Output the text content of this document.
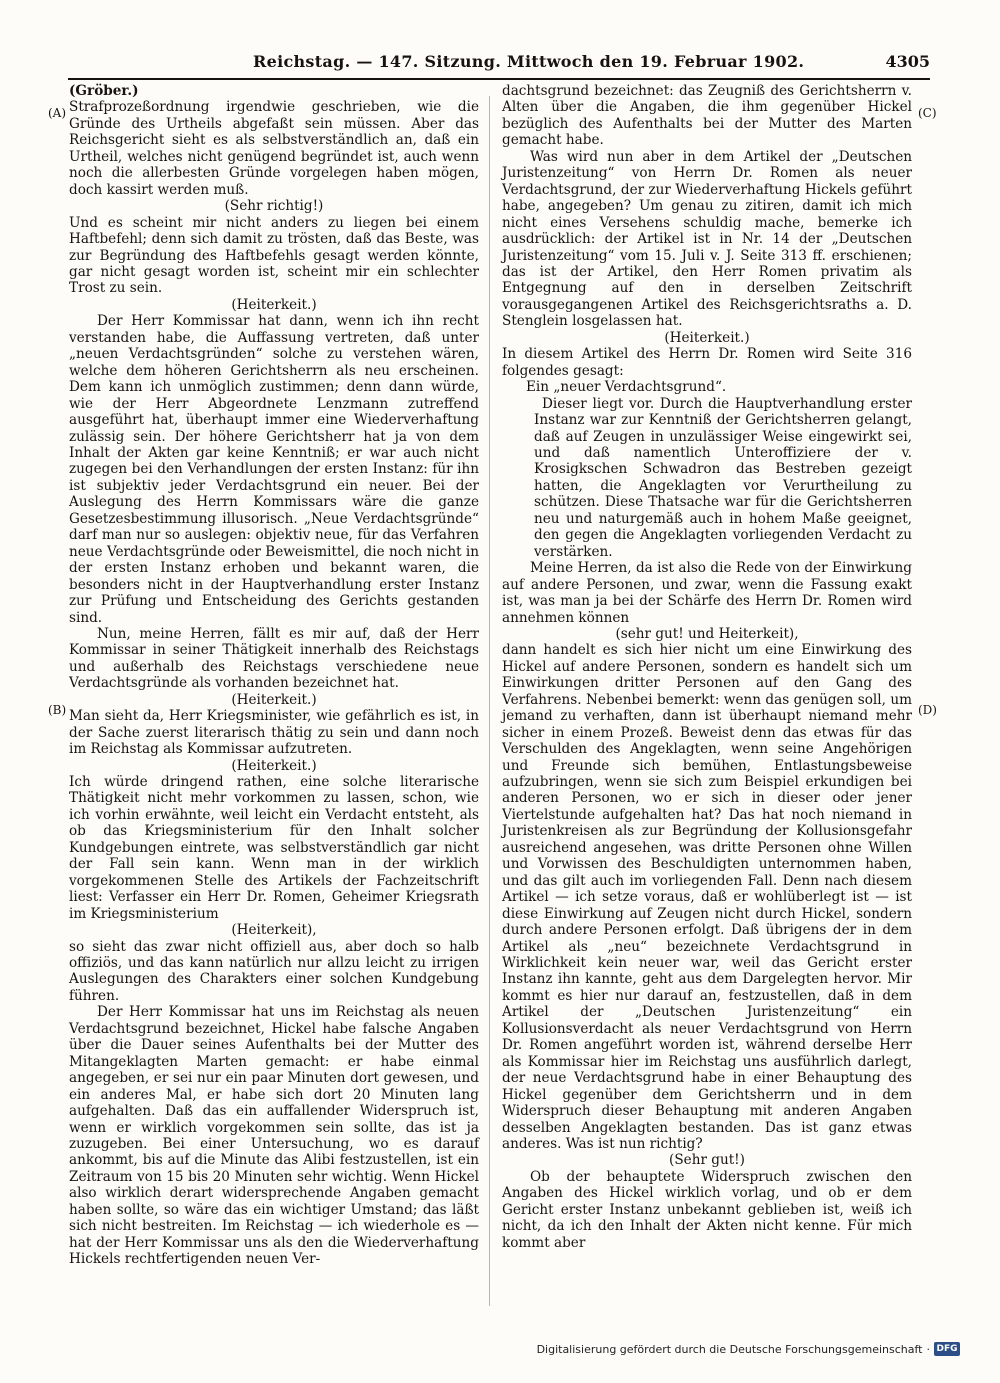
Reichstag. — 147. Sitzung. Mittwoch den 19. Februar 1902.	4305
(A)
(B)
(C)
(D)

(Gröber.)

Strafprozeßordnung irgendwie geschrieben, wie die Gründe des Urtheils abgefaßt sein müssen. Aber das Reichsgericht sieht es als selbstverständlich an, daß ein Urtheil, welches nicht genügend begründet ist, auch wenn noch die allerbesten Gründe vorgelegen haben mögen, doch kassirt werden muß.

(Sehr richtig!)

Und es scheint mir nicht anders zu liegen bei einem Haftbefehl; denn sich damit zu trösten, daß das Beste, was zur Begründung des Haftbefehls gesagt werden könnte, gar nicht gesagt worden ist, scheint mir ein schlechter Trost zu sein.

(Heiterkeit.)

Der Herr Kommissar hat dann, wenn ich ihn recht verstanden habe, die Auffassung vertreten, daß unter „neuen Verdachtsgründen“ solche zu verstehen wären, welche dem höheren Gerichtsherrn als neu erscheinen. Dem kann ich unmöglich zustimmen; denn dann würde, wie der Herr Abgeordnete Lenzmann zutreffend ausgeführt hat, überhaupt immer eine Wiederverhaftung zulässig sein. Der höhere Gerichtsherr hat ja von dem Inhalt der Akten gar keine Kenntniß; er war auch nicht zugegen bei den Verhandlungen der ersten Instanz: für ihn ist subjektiv jeder Verdachtsgrund ein neuer. Bei der Auslegung des Herrn Kommissars wäre die ganze Gesetzesbestimmung illusorisch. „Neue Verdachtsgründe“ darf man nur so auslegen: objektiv neue, für das Verfahren neue Verdachtsgründe oder Beweismittel, die noch nicht in der ersten Instanz erhoben und bekannt waren, die besonders nicht in der Hauptverhandlung erster Instanz zur Prüfung und Entscheidung des Gerichts gestanden sind.

Nun, meine Herren, fällt es mir auf, daß der Herr Kommissar in seiner Thätigkeit innerhalb des Reichstags und außerhalb des Reichstags verschiedene neue Verdachtsgründe als vorhanden bezeichnet hat.

(Heiterkeit.)

Man sieht da, Herr Kriegsminister, wie gefährlich es ist, in der Sache zuerst literarisch thätig zu sein und dann noch im Reichstag als Kommissar aufzutreten.

(Heiterkeit.)

Ich würde dringend rathen, eine solche literarische Thätigkeit nicht mehr vorkommen zu lassen, schon, wie ich vorhin erwähnte, weil leicht ein Verdacht entsteht, als ob das Kriegsministerium für den Inhalt solcher Kundgebungen eintrete, was selbstverständlich gar nicht der Fall sein kann. Wenn man in der wirklich vorgekommenen Stelle des Artikels der Fachzeitschrift liest: Verfasser ein Herr Dr. Romen, Geheimer Kriegsrath im Kriegsministerium

(Heiterkeit),

so sieht das zwar nicht offiziell aus, aber doch so halb offiziös, und das kann natürlich nur allzu leicht zu irrigen Auslegungen des Charakters einer solchen Kundgebung führen.

Der Herr Kommissar hat uns im Reichstag als neuen Verdachtsgrund bezeichnet, Hickel habe falsche Angaben über die Dauer seines Aufenthalts bei der Mutter des Mitangeklagten Marten gemacht: er habe einmal angegeben, er sei nur ein paar Minuten dort gewesen, und ein anderes Mal, er habe sich dort 20 Minuten lang aufgehalten. Daß das ein auffallender Widerspruch ist, wenn er wirklich vorgekommen sein sollte, das ist ja zuzugeben. Bei einer Untersuchung, wo es darauf ankommt, bis auf die Minute das Alibi festzustellen, ist ein Zeitraum von 15 bis 20 Minuten sehr wichtig. Wenn Hickel also wirklich derart widersprechende Angaben gemacht haben sollte, so wäre das ein wichtiger Umstand; das läßt sich nicht bestreiten. Im Reichstag — ich wiederhole es — hat der Herr Kommissar uns als den die Wiederverhaftung Hickels rechtfertigenden neuen Ver-

dachtsgrund bezeichnet: das Zeugniß des Gerichtsherrn v. Alten über die Angaben, die ihm gegenüber Hickel bezüglich des Aufenthalts bei der Mutter des Marten gemacht habe.

Was wird nun aber in dem Artikel der „Deutschen Juristenzeitung“ von Herrn Dr. Romen als neuer Verdachtsgrund, der zur Wiederverhaftung Hickels geführt habe, angegeben? Um genau zu zitiren, damit ich mich nicht eines Versehens schuldig mache, bemerke ich ausdrücklich: der Artikel ist in Nr. 14 der „Deutschen Juristenzeitung“ vom 15. Juli v. J. Seite 313 ff. erschienen; das ist der Artikel, den Herr Romen privatim als Entgegnung auf den in derselben Zeitschrift vorausgegangenen Artikel des Reichsgerichtsraths a. D. Stenglein losgelassen hat.

(Heiterkeit.)

In diesem Artikel des Herrn Dr. Romen wird Seite 316 folgendes gesagt:

Ein „neuer Verdachtsgrund“.

Dieser liegt vor. Durch die Hauptverhandlung erster Instanz war zur Kenntniß der Gerichtsherren gelangt, daß auf Zeugen in unzulässiger Weise eingewirkt sei, und daß namentlich Unteroffiziere der v. Krosigkschen Schwadron das Bestreben gezeigt hatten, die Angeklagten vor Verurtheilung zu schützen. Diese Thatsache war für die Gerichtsherren neu und naturgemäß auch in hohem Maße geeignet, den gegen die Angeklagten vorliegenden Verdacht zu verstärken.

Meine Herren, da ist also die Rede von der Einwirkung auf andere Personen, und zwar, wenn die Fassung exakt ist, was man ja bei der Schärfe des Herrn Dr. Romen wird annehmen können

(sehr gut! und Heiterkeit),

dann handelt es sich hier nicht um eine Einwirkung des Hickel auf andere Personen, sondern es handelt sich um Einwirkungen dritter Personen auf den Gang des Verfahrens. Nebenbei bemerkt: wenn das genügen soll, um jemand zu verhaften, dann ist überhaupt niemand mehr sicher in einem Prozeß. Beweist denn das etwas für das Verschulden des Angeklagten, wenn seine Angehörigen und Freunde sich bemühen, Entlastungsbeweise aufzubringen, wenn sie sich zum Beispiel erkundigen bei anderen Personen, wo er sich in dieser oder jener Viertelstunde aufgehalten hat? Das hat noch niemand in Juristenkreisen als zur Begründung der Kollusionsgefahr ausreichend angesehen, was dritte Personen ohne Willen und Vorwissen des Beschuldigten unternommen haben, und das gilt auch im vorliegenden Fall. Denn nach diesem Artikel — ich setze voraus, daß er wohlüberlegt ist — ist diese Einwirkung auf Zeugen nicht durch Hickel, sondern durch andere Personen erfolgt. Daß übrigens der in dem Artikel als „neu“ bezeichnete Verdachtsgrund in Wirklichkeit kein neuer war, weil das Gericht erster Instanz ihn kannte, geht aus dem Dargelegten hervor. Mir kommt es hier nur darauf an, festzustellen, daß in dem Artikel der „Deutschen Juristenzeitung“ ein Kollusionsverdacht als neuer Verdachtsgrund von Herrn Dr. Romen angeführt worden ist, während derselbe Herr als Kommissar hier im Reichstag uns ausführlich darlegt, der neue Verdachtsgrund habe in einer Behauptung des Hickel gegenüber dem Gerichtsherrn und in dem Widerspruch dieser Behauptung mit anderen Angaben desselben Angeklagten bestanden. Das ist ganz etwas anderes. Was ist nun richtig?

(Sehr gut!)

Ob der behauptete Widerspruch zwischen den Angaben des Hickel wirklich vorlag, und ob er dem Gericht erster Instanz unbekannt geblieben ist, weiß ich nicht, da ich den Inhalt der Akten nicht kenne. Für mich kommt aber

Digitalisierung gefördert durch die Deutsche Forschungsgemeinschaft · DFG
